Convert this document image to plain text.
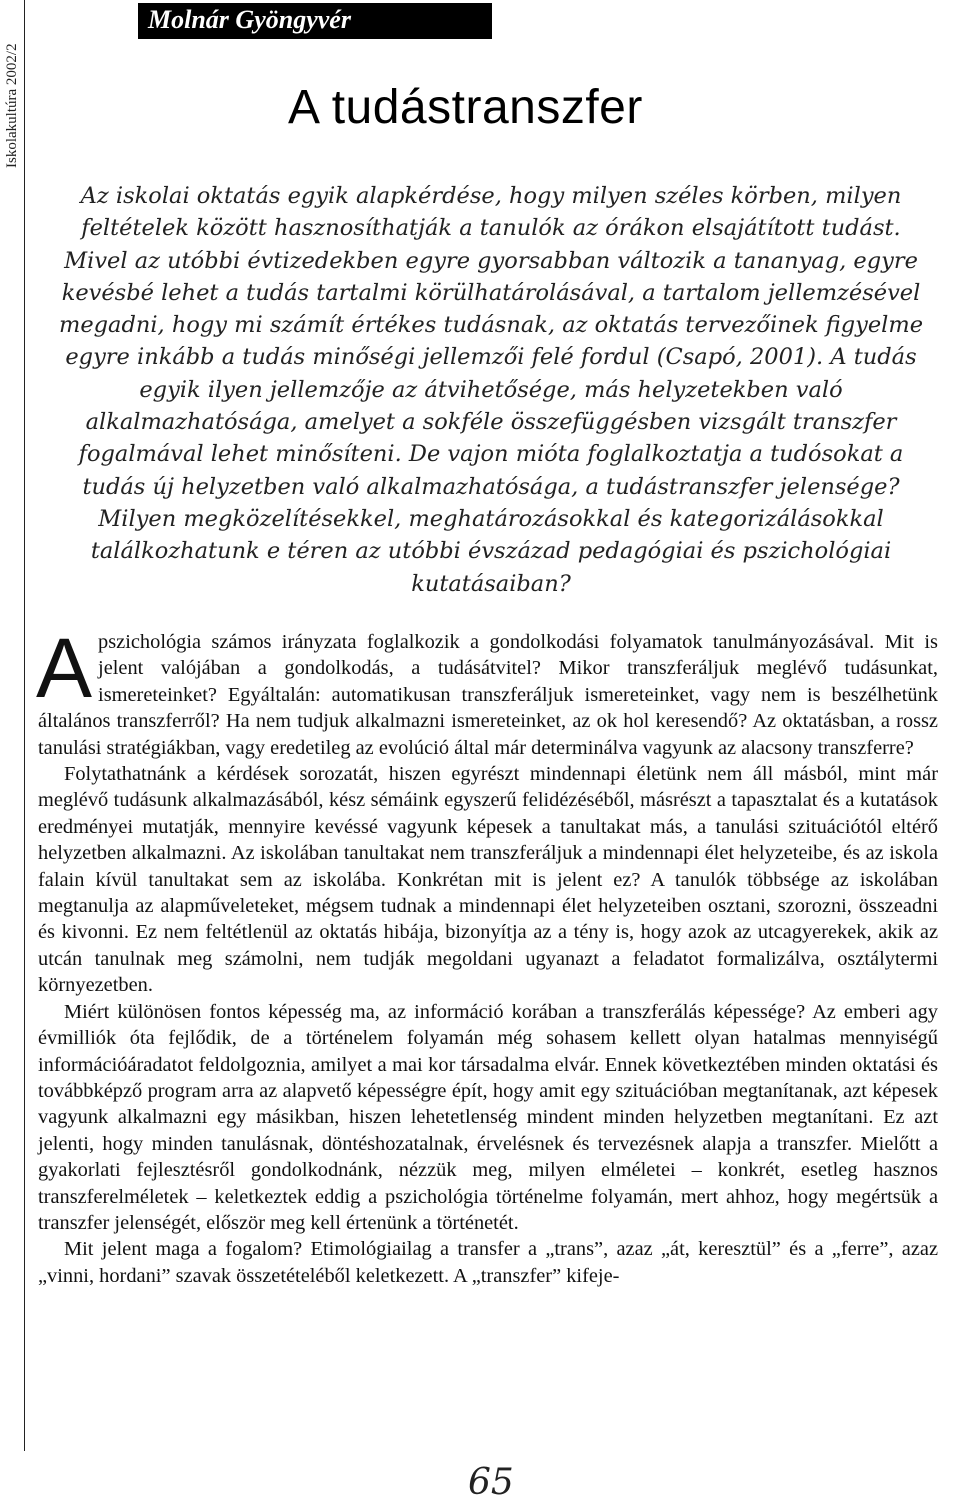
Iskolakultúra 2002/2
Molnár Gyöngyvér
A tudástranszfer

Az iskolai oktatás egyik alapkérdése, hogy milyen széles körben, milyen feltételek között hasznosíthatják a tanulók az órákon elsajátított tudást. Mivel az utóbbi évtizedekben egyre gyorsabban változik a tananyag, egyre kevésbé lehet a tudás tartalmi körülhatárolásával, a tartalom jellemzésével megadni, hogy mi számít értékes tudásnak, az oktatás tervezőinek figyelme egyre inkább a tudás minőségi jellemzői felé fordul (Csapó, 2001). A tudás egyik ilyen jellemzője az átvihetősége, más helyzetekben való alkalmazhatósága, amelyet a sokféle összefüggésben vizsgált transzfer fogalmával lehet minősíteni. De vajon mióta foglalkoztatja a tudósokat a tudás új helyzetben való alkalmazhatósága, a tudástranszfer jelensége? Milyen megközelítésekkel, meghatározásokkal és kategorizálásokkal találkozhatunk e téren az utóbbi évszázad pedagógiai és pszichológiai kutatásaiban?

A pszichológia számos irányzata foglalkozik a gondolkodási folyamatok tanulmányozásával. Mit is jelent valójában a gondolkodás, a tudásátvitel? Mikor transzferáljuk meglévő tudásunkat, ismereteinket? Egyáltalán: automatikusan transzferáljuk ismereteinket, vagy nem is beszélhetünk általános transzferről? Ha nem tudjuk alkalmazni ismereteinket, az ok hol keresendő? Az oktatásban, a rossz tanulási stratégiákban, vagy eredetileg az evolúció által már determinálva vagyunk az alacsony transzferre?

Folytathatnánk a kérdések sorozatát, hiszen egyrészt mindennapi életünk nem áll másból, mint már meglévő tudásunk alkalmazásából, kész sémáink egyszerű felidézéséből, másrészt a tapasztalat és a kutatások eredményei mutatják, mennyire kevéssé vagyunk képesek a tanultakat más, a tanulási szituációtól eltérő helyzetben alkalmazni. Az iskolában tanultakat nem transzferáljuk a mindennapi élet helyzeteibe, és az iskola falain kívül tanultakat sem az iskolába. Konkrétan mit is jelent ez? A tanulók többsége az iskolában megtanulja az alapműveleteket, mégsem tudnak a mindennapi élet helyzeteiben osztani, szorozni, összeadni és kivonni. Ez nem feltétlenül az oktatás hibája, bizonyítja az a tény is, hogy azok az utcagyerekek, akik az utcán tanulnak meg számolni, nem tudják megoldani ugyanazt a feladatot formalizálva, osztálytermi környezetben.

Miért különösen fontos képesség ma, az információ korában a transzferálás képessége? Az emberi agy évmilliók óta fejlődik, de a történelem folyamán még sohasem kellett olyan hatalmas mennyiségű információáradatot feldolgoznia, amilyet a mai kor társadalma elvár. Ennek következtében minden oktatási és továbbképző program arra az alapvető képességre épít, hogy amit egy szituációban megtanítanak, azt képesek vagyunk alkalmazni egy másikban, hiszen lehetetlenség mindent minden helyzetben megtanítani. Ez azt jelenti, hogy minden tanulásnak, döntéshozatalnak, érvelésnek és tervezésnek alapja a transzfer. Mielőtt a gyakorlati fejlesztésről gondolkodnánk, nézzük meg, milyen elméletei – konkrét, esetleg hasznos transzferelméletek – keletkeztek eddig a pszichológia történelme folyamán, mert ahhoz, hogy megértsük a transzfer jelenségét, először meg kell értenünk a történetét.

Mit jelent maga a fogalom? Etimológiailag a transfer a „trans”, azaz „át, keresztül” és a „ferre”, azaz „vinni, hordani” szavak összetételéből keletkezett. A „transzfer” kifeje-

65
